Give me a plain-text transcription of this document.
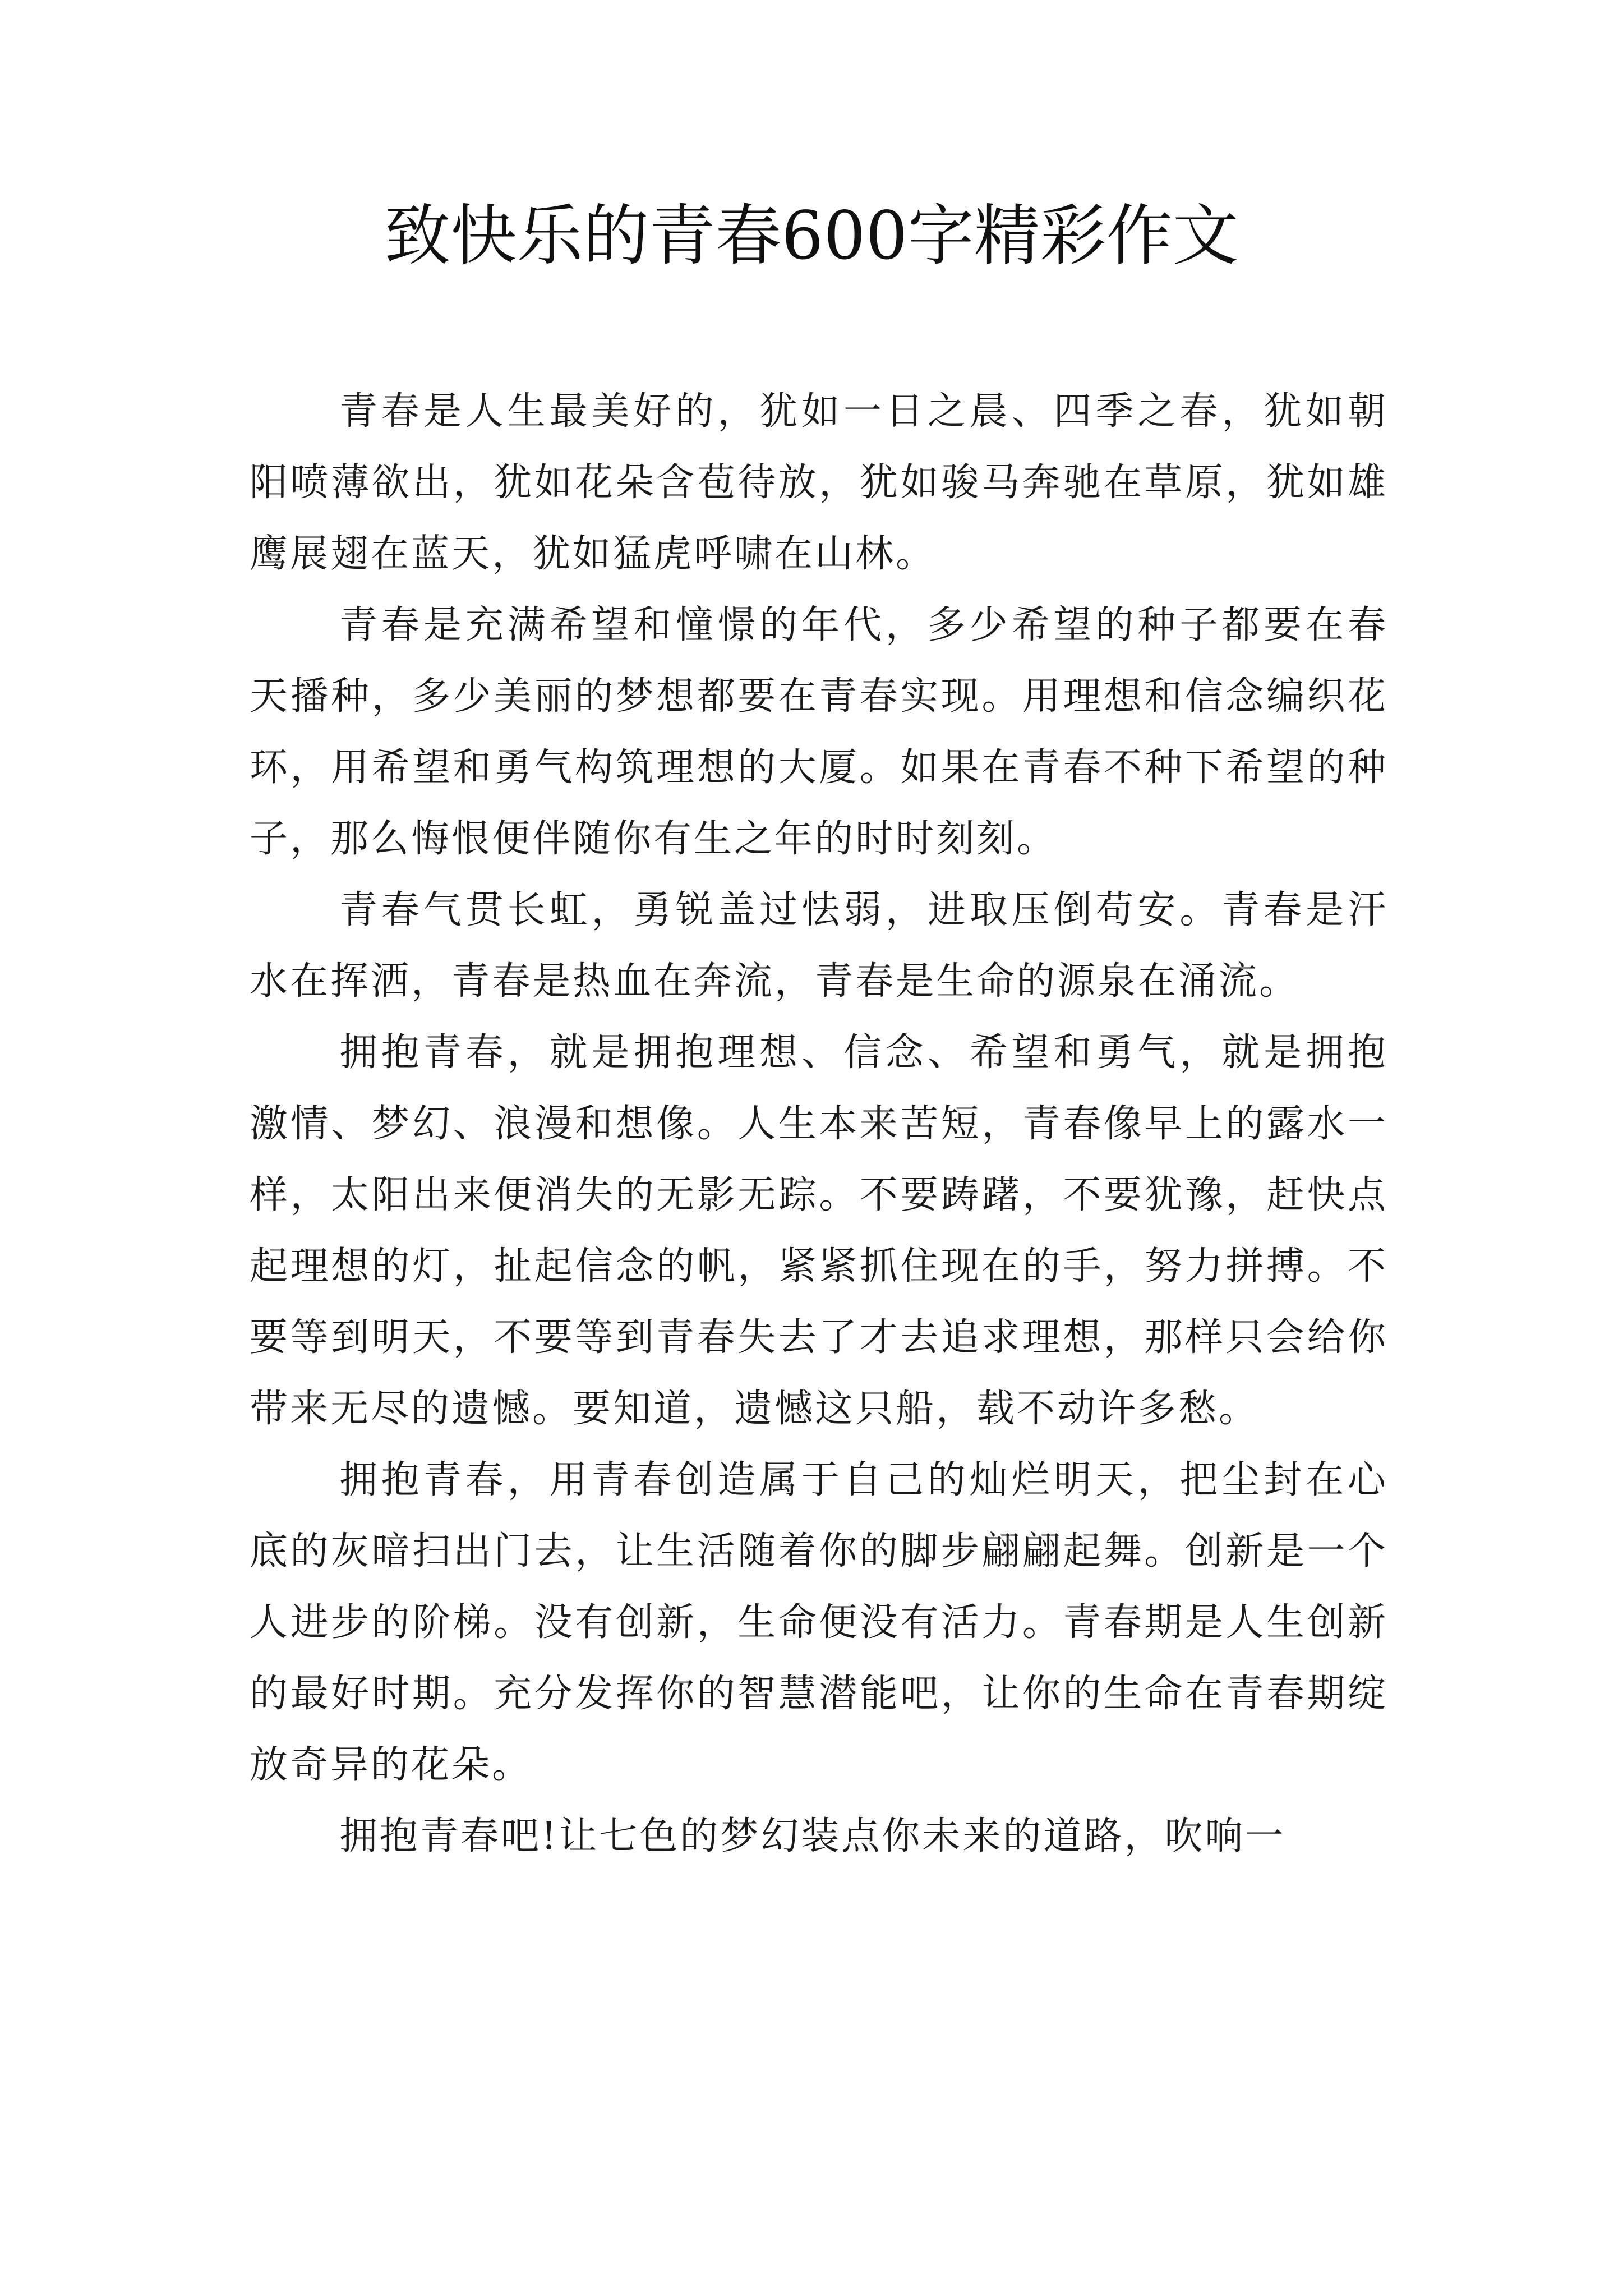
致快乐的青春600字精彩作文

青春是人生最美好的，犹如一日之晨、四季之春，犹如朝阳喷薄欲出，犹如花朵含苞待放，犹如骏马奔驰在草原，犹如雄鹰展翅在蓝天，犹如猛虎呼啸在山林。

青春是充满希望和憧憬的年代，多少希望的种子都要在春天播种，多少美丽的梦想都要在青春实现。用理想和信念编织花环，用希望和勇气构筑理想的大厦。如果在青春不种下希望的种子，那么悔恨便伴随你有生之年的时时刻刻。

青春气贯长虹，勇锐盖过怯弱，进取压倒苟安。青春是汗水在挥洒，青春是热血在奔流，青春是生命的源泉在涌流。

拥抱青春，就是拥抱理想、信念、希望和勇气，就是拥抱激情、梦幻、浪漫和想像。人生本来苦短，青春像早上的露水一样，太阳出来便消失的无影无踪。不要踌躇，不要犹豫，赶快点起理想的灯，扯起信念的帆，紧紧抓住现在的手，努力拼搏。不要等到明天，不要等到青春失去了才去追求理想，那样只会给你带来无尽的遗憾。要知道，遗憾这只船，载不动许多愁。

拥抱青春，用青春创造属于自己的灿烂明天，把尘封在心底的灰暗扫出门去，让生活随着你的脚步翩翩起舞。创新是一个人进步的阶梯。没有创新，生命便没有活力。青春期是人生创新的最好时期。充分发挥你的智慧潜能吧，让你的生命在青春期绽放奇异的花朵。

拥抱青春吧!让七色的梦幻装点你未来的道路，吹响一
